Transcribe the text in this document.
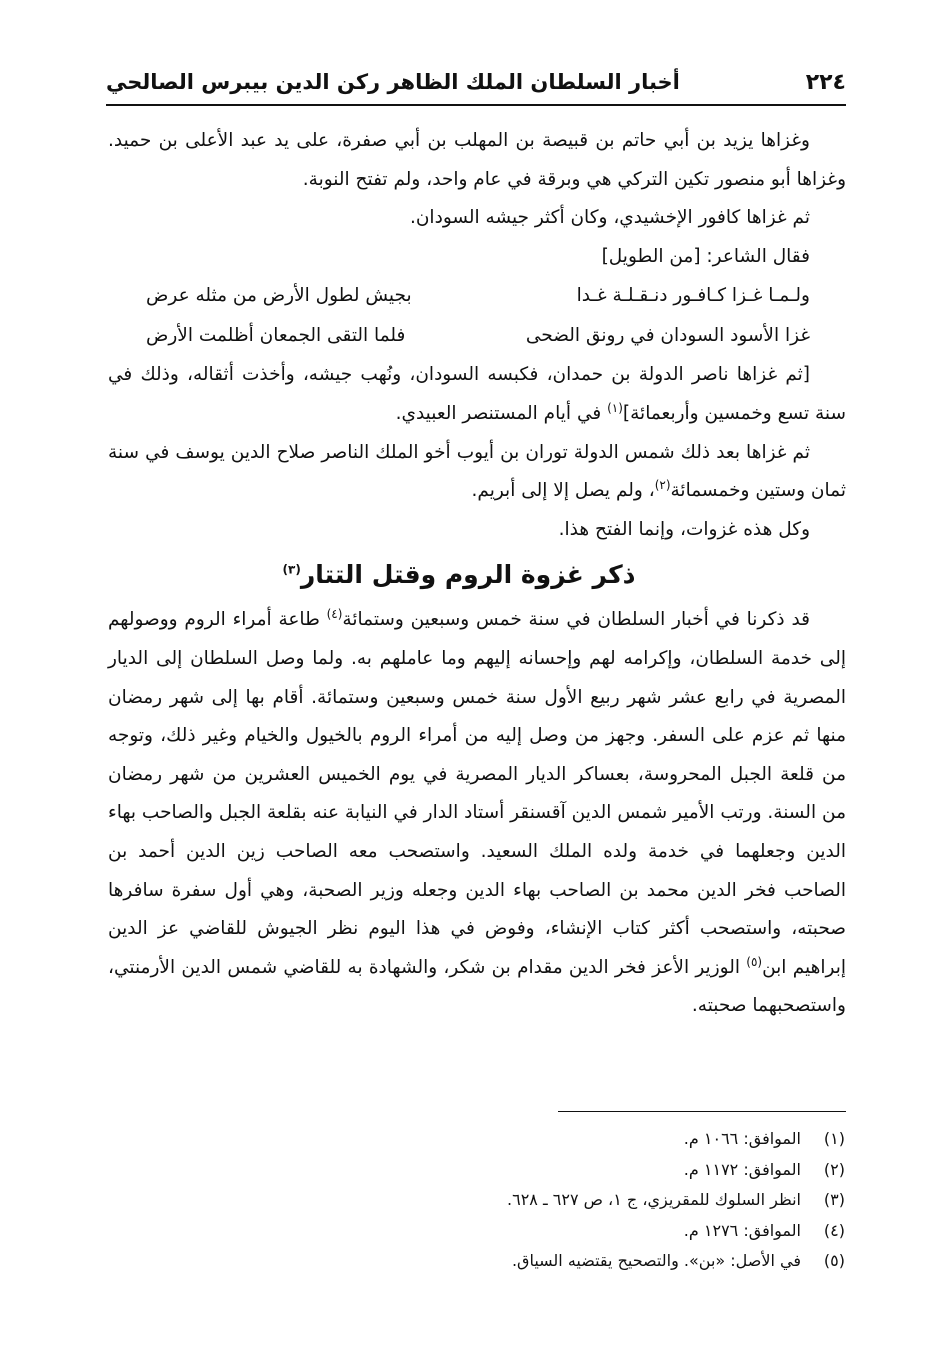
٢٢٤
أخبار السلطان الملك الظاهر ركن الدين بيبرس الصالحي

وغزاها يزيد بن أبي حاتم بن قبيصة بن المهلب بن أبي صفرة، على يد عبد الأعلى بن حميد. وغزاها أبو منصور تكين التركي هي وبرقة في عام واحد، ولم تفتح النوبة.

ثم غزاها كافور الإخشيدي، وكان أكثر جيشه السودان.

فقال الشاعر: [من الطويل]

ولـمـا غـزا كـافـور دنـقـلـة غـدا
بجيش لطول الأرض من مثله عرض
غزا الأسود السودان في رونق الضحى
فلما التقى الجمعان أظلمت الأرض

[ثم غزاها ناصر الدولة بن حمدان، فكبسه السودان، ونُهب جيشه، وأخذت أثقاله، وذلك في سنة تسع وخمسين وأربعمائة]$^{(١)}$ في أيام المستنصر العبيدي.

ثم غزاها بعد ذلك شمس الدولة توران بن أيوب أخو الملك الناصر صلاح الدين يوسف في سنة ثمان وستين وخمسمائة$^{(٢)}$، ولم يصل إلا إلى أبريم.

وكل هذه غزوات، وإنما الفتح هذا.

ذكر غزوة الروم وقتل التتار$^{(٣)}$

قد ذكرنا في أخبار السلطان في سنة خمس وسبعين وستمائة$^{(٤)}$ طاعة أمراء الروم ووصولهم إلى خدمة السلطان، وإكرامه لهم وإحسانه إليهم وما عاملهم به. ولما وصل السلطان إلى الديار المصرية في رابع عشر شهر ربيع الأول سنة خمس وسبعين وستمائة. أقام بها إلى شهر رمضان منها ثم عزم على السفر. وجهز من وصل إليه من أمراء الروم بالخيول والخيام وغير ذلك، وتوجه من قلعة الجبل المحروسة، بعساكر الديار المصرية في يوم الخميس العشرين من شهر رمضان من السنة. ورتب الأمير شمس الدين آقسنقر أستاد الدار في النيابة عنه بقلعة الجبل والصاحب بهاء الدين وجعلهما في خدمة ولده الملك السعيد. واستصحب معه الصاحب زين الدين أحمد بن الصاحب فخر الدين محمد بن الصاحب بهاء الدين وجعله وزير الصحبة، وهي أول سفرة سافرها صحبته، واستصحب أكثر كتاب الإنشاء، وفوض في هذا اليوم نظر الجيوش للقاضي عز الدين إبراهيم ابن$^{(٥)}$ الوزير الأعز فخر الدين مقدام بن شكر، والشهادة به للقاضي شمس الدين الأرمنتي، واستصحبهما صحبته.

(١)
الموافق: ١٠٦٦ م.
(٢)
الموافق: ١١٧٢ م.
(٣)
انظر السلوك للمقريزي، ج ١، ص ٦٢٧ ـ ٦٢٨.
(٤)
الموافق: ١٢٧٦ م.
(٥)
في الأصل: «بن». والتصحيح يقتضيه السياق.
